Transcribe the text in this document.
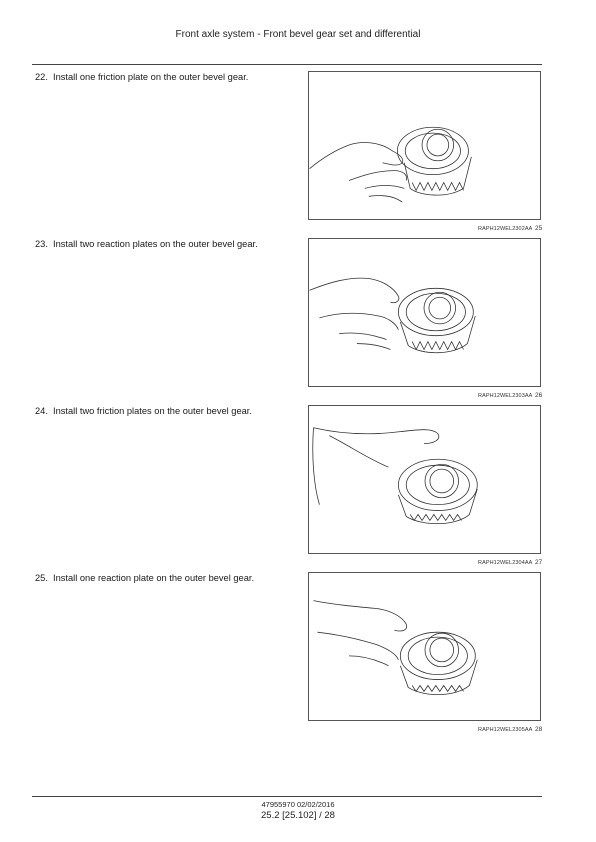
Front axle system - Front bevel gear set and differential
22. Install one friction plate on the outer bevel gear.
RAPH12WEL2302AA 25
23. Install two reaction plates on the outer bevel gear.
RAPH12WEL2303AA 26
24. Install two friction plates on the outer bevel gear.
RAPH12WEL2304AA 27
25. Install one reaction plate on the outer bevel gear.
RAPH12WEL2305AA 28
47955970 02/02/2016
25.2 [25.102] / 28
